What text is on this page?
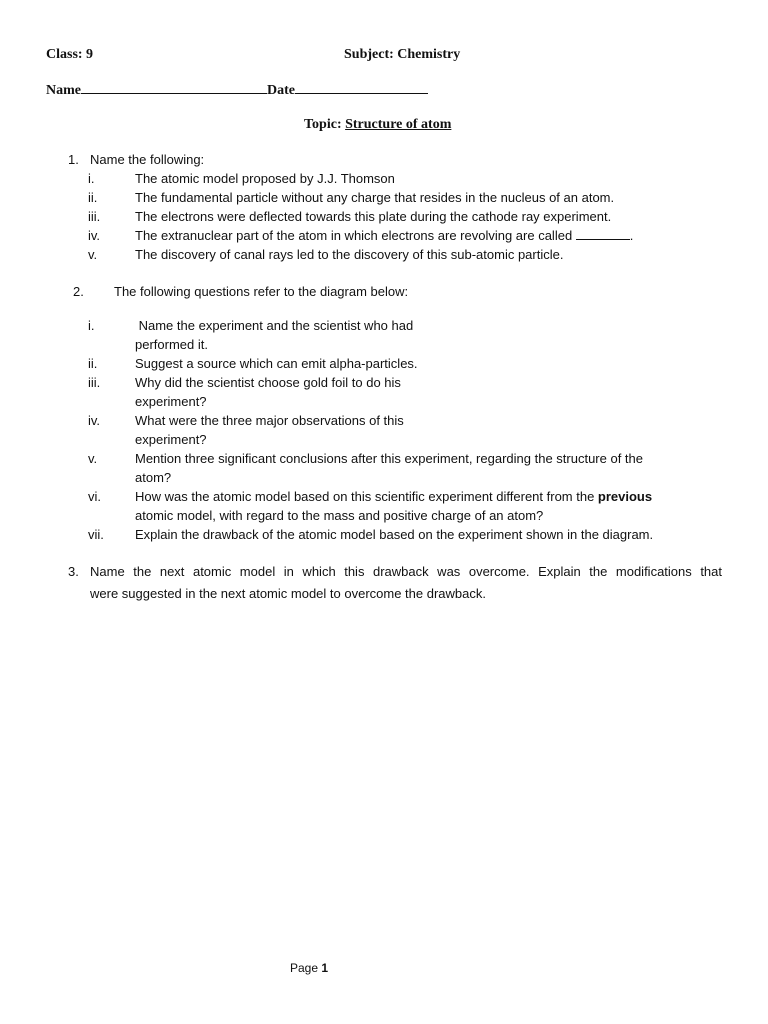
Class: 9	Subject: Chemistry
Name	Date
Topic: Structure of atom
1. Name the following:
i.	The atomic model proposed by J.J. Thomson
ii.	The fundamental particle without any charge that resides in the nucleus of an atom.
iii.	The electrons were deflected towards this plate during the cathode ray experiment.
iv.	The extranuclear part of the atom in which electrons are revolving are called	.
v.	The discovery of canal rays led to the discovery of this sub-atomic particle.
2. The following questions refer to the diagram below:
i.	Name the experiment and the scientist who had
performed it.
ii.	Suggest a source which can emit alpha-particles.
iii.	Why did the scientist choose gold foil to do his
experiment?
iv.	What were the three major observations of this
experiment?
v.	Mention three significant conclusions after this experiment, regarding the structure of the
atom?
vi.	How was the atomic model based on this scientific experiment different from the previous
atomic model, with regard to the mass and positive charge of an atom?
vii.	Explain the drawback of the atomic model based on the experiment shown in the diagram.
3. Name the next atomic model in which this drawback was overcome. Explain the modifications that
were suggested in the next atomic model to overcome the drawback.
Page 1
